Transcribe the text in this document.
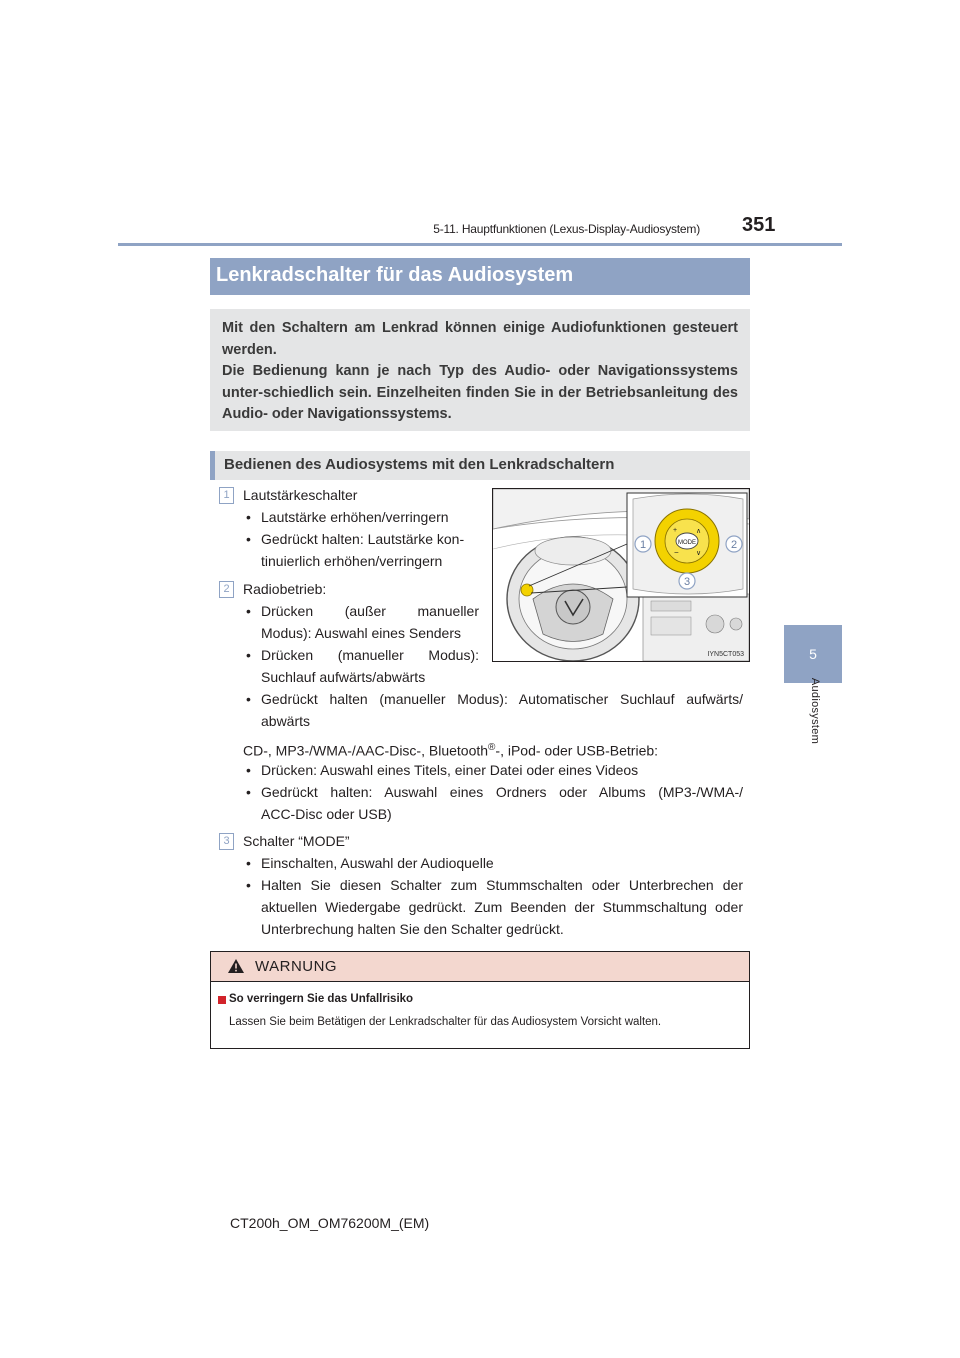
5-11. Hauptfunktionen (Lexus-Display-Audiosystem) 351
5
Audiosystem
Lenkradschalter für das Audiosystem

Mit den Schaltern am Lenkrad können einige Audiofunktionen gesteuert werden.

Die Bedienung kann je nach Typ des Audio- oder Navigationssystems unter-schiedlich sein. Einzelheiten finden Sie in der Betriebsanleitung des Audio- oder Navigationssystems.

Bedienen des Audiosystems mit den Lenkradschaltern
1 Lautstärkeschalter
• Lautstärke erhöhen/verringern
• Gedrückt halten: Lautstärke kon-
tinuierlich erhöhen/verringern
2 Radiobetrieb:
• Drücken (außer manueller
Modus): Auswahl eines Senders
• Drücken (manueller Modus):
Suchlauf aufwärts/abwärts
• Gedrückt halten (manueller Modus): Automatischer Suchlauf aufwärts/
abwärts
CD-, MP3-/WMA-/AAC-Disc-, Bluetooth®-, iPod- oder USB-Betrieb:
• Drücken: Auswahl eines Titels, einer Datei oder eines Videos
• Gedrückt halten: Auswahl eines Ordners oder Albums (MP3-/WMA-/
ACC-Disc oder USB)
3 Schalter “MODE”
• Einschalten, Auswahl der Audioquelle
• Halten Sie diesen Schalter zum Stummschalten oder Unterbrechen der
aktuellen Wiedergabe gedrückt. Zum Beenden der Stummschaltung oder
Unterbrechung halten Sie den Schalter gedrückt.
MODE
+
−
∧
∨
1	2
3
IYN5CT053
WARNUNG
So verringern Sie das Unfallrisiko
Lassen Sie beim Betätigen der Lenkradschalter für das Audiosystem Vorsicht walten.
CT200h_OM_OM76200M_(EM)
